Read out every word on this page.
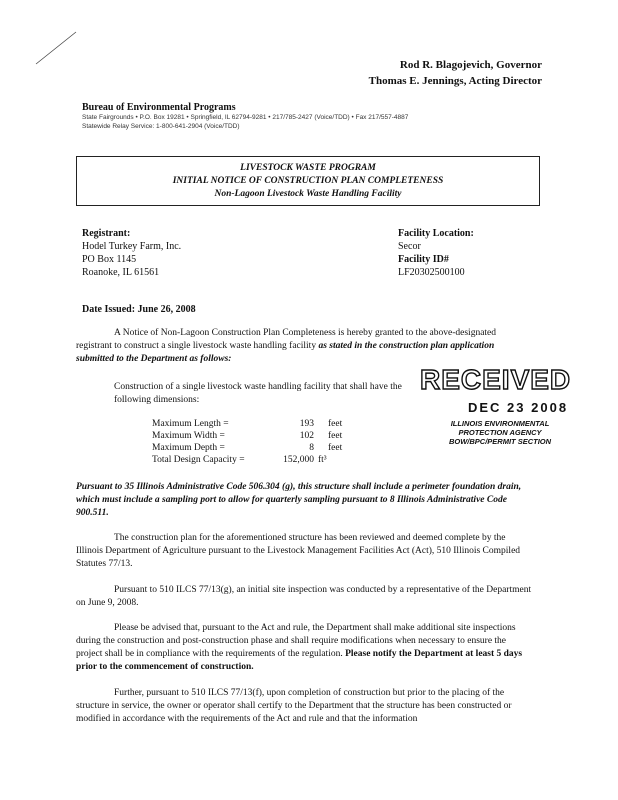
Rod R. Blagojevich, Governor
Thomas E. Jennings, Acting Director
Bureau of Environmental Programs
State Fairgrounds • P.O. Box 19281 • Springfield, IL 62794-9281 • 217/785-2427 (Voice/TDD) • Fax 217/557-4887
Statewide Relay Service: 1-800-641-2904 (Voice/TDD)
LIVESTOCK WASTE PROGRAM
INITIAL NOTICE OF CONSTRUCTION PLAN COMPLETENESS
Non-Lagoon Livestock Waste Handling Facility
Registrant:
Hodel Turkey Farm, Inc.
PO Box 1145
Roanoke, IL 61561
Facility Location:
Secor
Facility ID#
LF20302500100
Date Issued: June 26, 2008
A Notice of Non-Lagoon Construction Plan Completeness is hereby granted to the above-designated registrant to construct a single livestock waste handling facility as stated in the construction plan application submitted to the Department as follows:
Construction of a single livestock waste handling facility that shall have the following dimensions:
Maximum Length =	193 feet
Maximum Width =	102 feet
Maximum Depth =	8 feet
Total Design Capacity =	152,000 ft³
RECEIVED
DEC 23 2008
ILLINOIS ENVIRONMENTAL
PROTECTION AGENCY
BOW/BPC/PERMIT SECTION
Pursuant to 35 Illinois Administrative Code 506.304 (g), this structure shall include a perimeter foundation drain, which must include a sampling port to allow for quarterly sampling pursuant to 8 Illinois Administrative Code 900.511.
The construction plan for the aforementioned structure has been reviewed and deemed complete by the Illinois Department of Agriculture pursuant to the Livestock Management Facilities Act (Act), 510 Illinois Compiled Statutes 77/13.
Pursuant to 510 ILCS 77/13(g), an initial site inspection was conducted by a representative of the Department on June 9, 2008.
Please be advised that, pursuant to the Act and rule, the Department shall make additional site inspections during the construction and post-construction phase and shall require modifications when necessary to ensure the project shall be in compliance with the requirements of the regulation. Please notify the Department at least 5 days prior to the commencement of construction.
Further, pursuant to 510 ILCS 77/13(f), upon completion of construction but prior to the placing of the structure in service, the owner or operator shall certify to the Department that the structure has been constructed or modified in accordance with the requirements of the Act and rule and that the information
